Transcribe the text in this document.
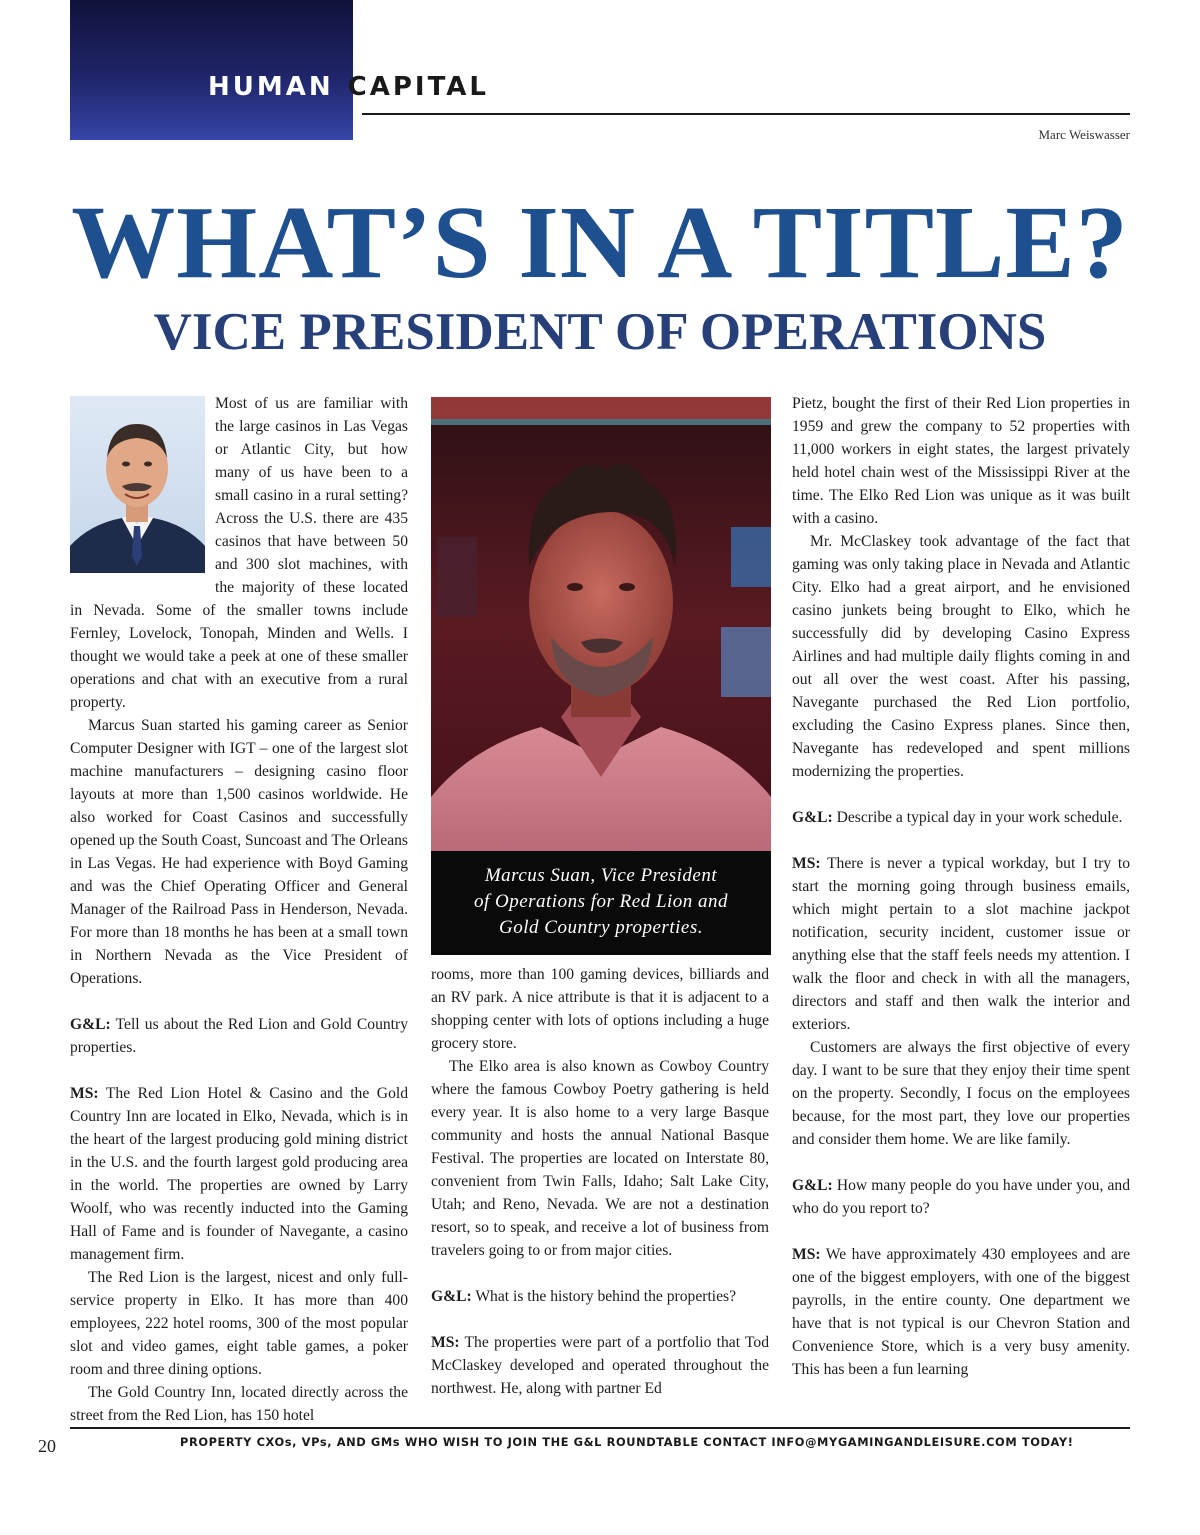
HUMAN CAPITAL
Marc Weiswasser
WHAT’S IN A TITLE?
VICE PRESIDENT OF OPERATIONS

Most of us are familiar with the large casinos in Las Vegas or Atlantic City, but how many of us have been to a small casino in a rural setting? Across the U.S. there are 435 casinos that have between 50 and 300 slot machines, with the majority of these located in Nevada. Some of the smaller towns include Fernley, Lovelock, Tonopah, Minden and Wells. I thought we would take a peek at one of these smaller operations and chat with an executive from a rural property.

Marcus Suan started his gaming career as Senior Computer Designer with IGT – one of the largest slot machine manufacturers – designing casino floor layouts at more than 1,500 casinos worldwide. He also worked for Coast Casinos and successfully opened up the South Coast, Suncoast and The Orleans in Las Vegas. He had experience with Boyd Gaming and was the Chief Operating Officer and General Manager of the Railroad Pass in Henderson, Nevada. For more than 18 months he has been at a small town in Northern Nevada as the Vice President of Operations.

G&L: Tell us about the Red Lion and Gold Country properties.

MS: The Red Lion Hotel & Casino and the Gold Country Inn are located in Elko, Nevada, which is in the heart of the largest producing gold mining district in the U.S. and the fourth largest gold producing area in the world. The properties are owned by Larry Woolf, who was recently inducted into the Gaming Hall of Fame and is founder of Navegante, a casino management firm.

The Red Lion is the largest, nicest and only full-service property in Elko. It has more than 400 employees, 222 hotel rooms, 300 of the most popular slot and video games, eight table games, a poker room and three dining options.

The Gold Country Inn, located directly across the street from the Red Lion, has 150 hotel

Marcus Suan, Vice President
of Operations for Red Lion and
Gold Country properties.

rooms, more than 100 gaming devices, billiards and an RV park. A nice attribute is that it is adjacent to a shopping center with lots of options including a huge grocery store.

The Elko area is also known as Cowboy Country where the famous Cowboy Poetry gathering is held every year. It is also home to a very large Basque community and hosts the annual National Basque Festival. The properties are located on Interstate 80, convenient from Twin Falls, Idaho; Salt Lake City, Utah; and Reno, Nevada. We are not a destination resort, so to speak, and receive a lot of business from travelers going to or from major cities.

G&L: What is the history behind the properties?

MS: The properties were part of a portfolio that Tod McClaskey developed and operated throughout the northwest. He, along with partner Ed

Pietz, bought the first of their Red Lion properties in 1959 and grew the company to 52 properties with 11,000 workers in eight states, the largest privately held hotel chain west of the Mississippi River at the time. The Elko Red Lion was unique as it was built with a casino.

Mr. McClaskey took advantage of the fact that gaming was only taking place in Nevada and Atlantic City. Elko had a great airport, and he envisioned casino junkets being brought to Elko, which he successfully did by developing Casino Express Airlines and had multiple daily flights coming in and out all over the west coast. After his passing, Navegante purchased the Red Lion portfolio, excluding the Casino Express planes. Since then, Navegante has redeveloped and spent millions modernizing the properties.

G&L: Describe a typical day in your work schedule.

MS: There is never a typical workday, but I try to start the morning going through business emails, which might pertain to a slot machine jackpot notification, security incident, customer issue or anything else that the staff feels needs my attention. I walk the floor and check in with all the managers, directors and staff and then walk the interior and exteriors.

Customers are always the first objective of every day. I want to be sure that they enjoy their time spent on the property. Secondly, I focus on the employees because, for the most part, they love our properties and consider them home. We are like family.

G&L: How many people do you have under you, and who do you report to?

MS: We have approximately 430 employees and are one of the biggest employers, with one of the biggest payrolls, in the entire county. One department we have that is not typical is our Chevron Station and Convenience Store, which is a very busy amenity. This has been a fun learning

20	PROPERTY CXOs, VPs, AND GMs WHO WISH TO JOIN THE G&L ROUNDTABLE CONTACT INFO@MYGAMINGANDLEISURE.COM TODAY!
